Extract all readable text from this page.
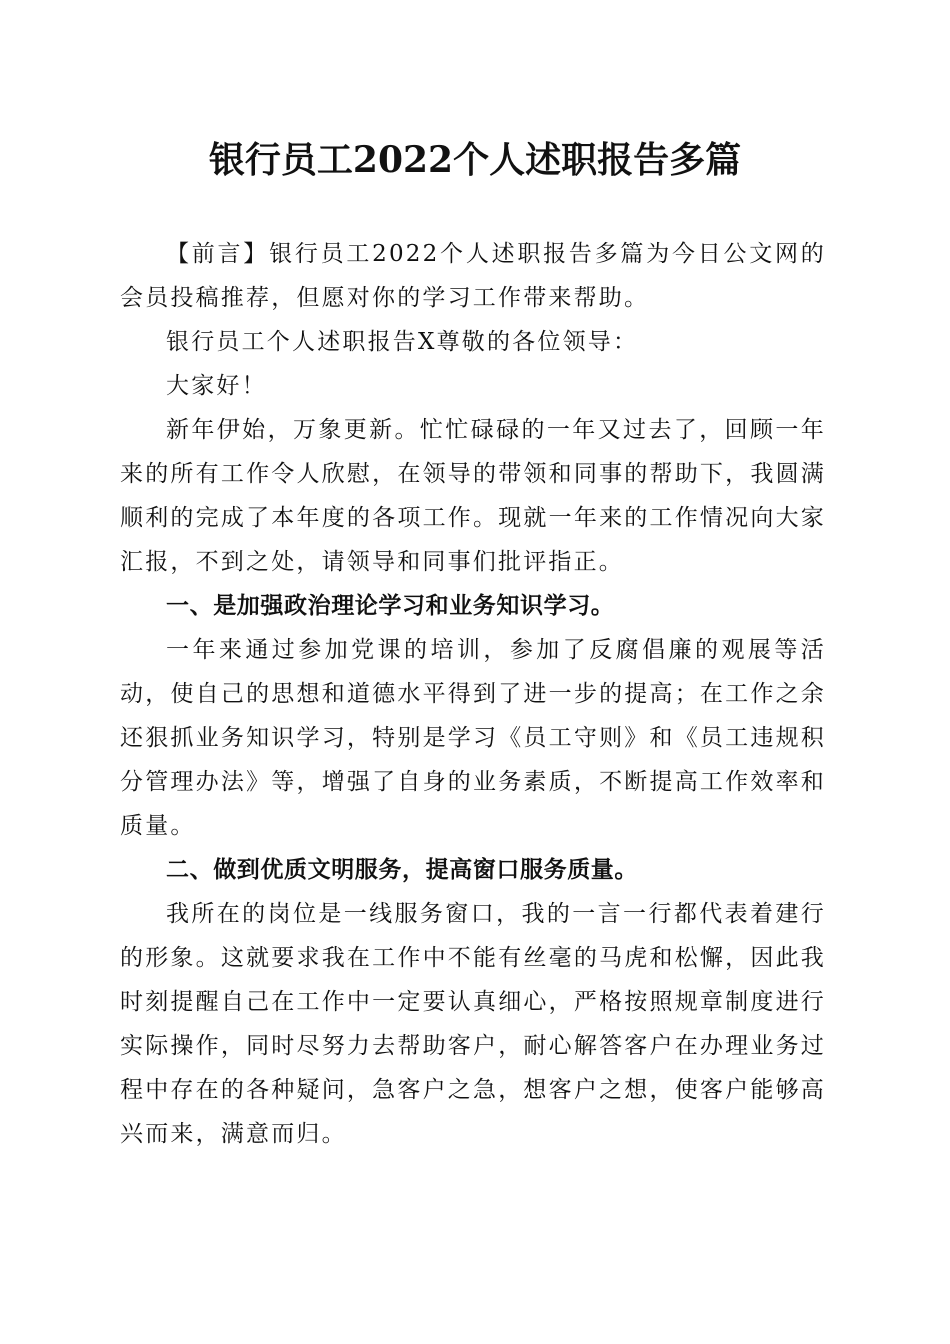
银行员工2022个人述职报告多篇

【前言】银行员工2022个人述职报告多篇为今日公文网的会员投稿推荐，但愿对你的学习工作带来帮助。

银行员工个人述职报告X尊敬的各位领导：

大家好！

新年伊始，万象更新。忙忙碌碌的一年又过去了，回顾一年来的所有工作令人欣慰，在领导的带领和同事的帮助下，我圆满顺利的完成了本年度的各项工作。现就一年来的工作情况向大家汇报，不到之处，请领导和同事们批评指正。

一、是加强政治理论学习和业务知识学习。

一年来通过参加党课的培训，参加了反腐倡廉的观展等活动，使自己的思想和道德水平得到了进一步的提高；在工作之余还狠抓业务知识学习，特别是学习《员工守则》和《员工违规积分管理办法》等，增强了自身的业务素质，不断提高工作效率和质量。

二、做到优质文明服务，提高窗口服务质量。

我所在的岗位是一线服务窗口，我的一言一行都代表着建行的形象。这就要求我在工作中不能有丝毫的马虎和松懈，因此我时刻提醒自己在工作中一定要认真细心，严格按照规章制度进行实际操作，同时尽努力去帮助客户，耐心解答客户在办理业务过程中存在的各种疑问，急客户之急，想客户之想，使客户能够高兴而来，满意而归。
